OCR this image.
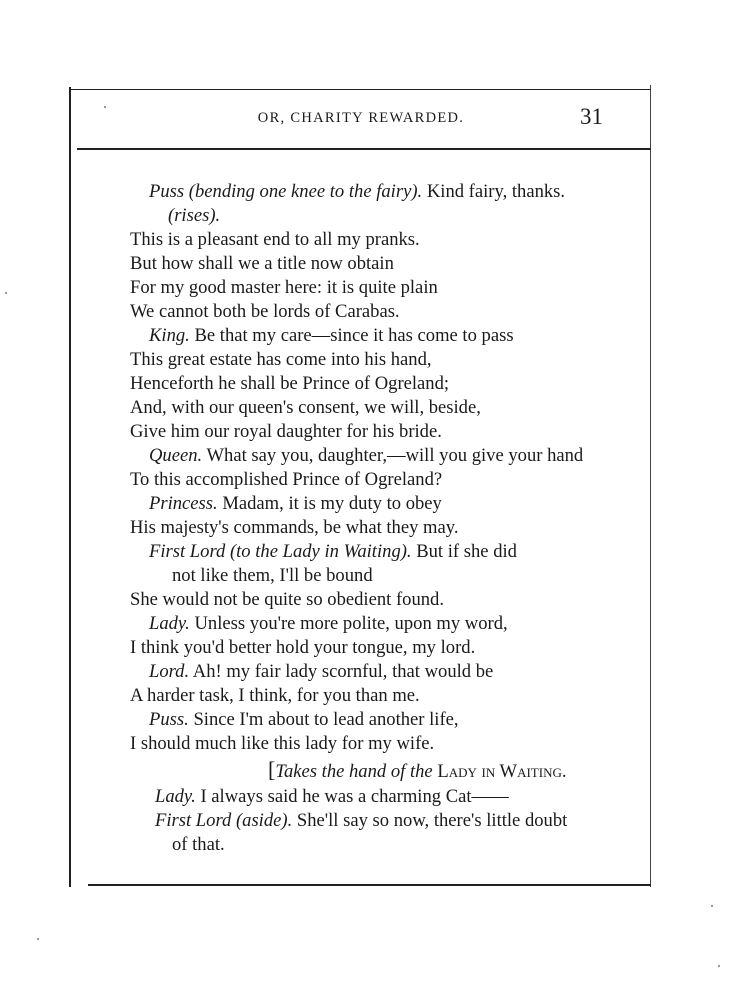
OR, CHARITY REWARDED.	31
Puss (bending one knee to the fairy). Kind fairy, thanks.
(rises).
This is a pleasant end to all my pranks.
But how shall we a title now obtain
For my good master here: it is quite plain
We cannot both be lords of Carabas.
King. Be that my care—since it has come to pass
This great estate has come into his hand,
Henceforth he shall be Prince of Ogreland;
And, with our queen's consent, we will, beside,
Give him our royal daughter for his bride.
Queen. What say you, daughter,—will you give your hand
To this accomplished Prince of Ogreland?
Princess. Madam, it is my duty to obey
His majesty's commands, be what they may.
First Lord (to the Lady in Waiting). But if she did
not like them, I'll be bound
She would not be quite so obedient found.
Lady. Unless you're more polite, upon my word,
I think you'd better hold your tongue, my lord.
Lord. Ah! my fair lady scornful, that would be
A harder task, I think, for you than me.
Puss. Since I'm about to lead another life,
I should much like this lady for my wife.
[Takes the hand of the Lady in Waiting.
Lady. I always said he was a charming Cat——
First Lord (aside). She'll say so now, there's little doubt
of that.
